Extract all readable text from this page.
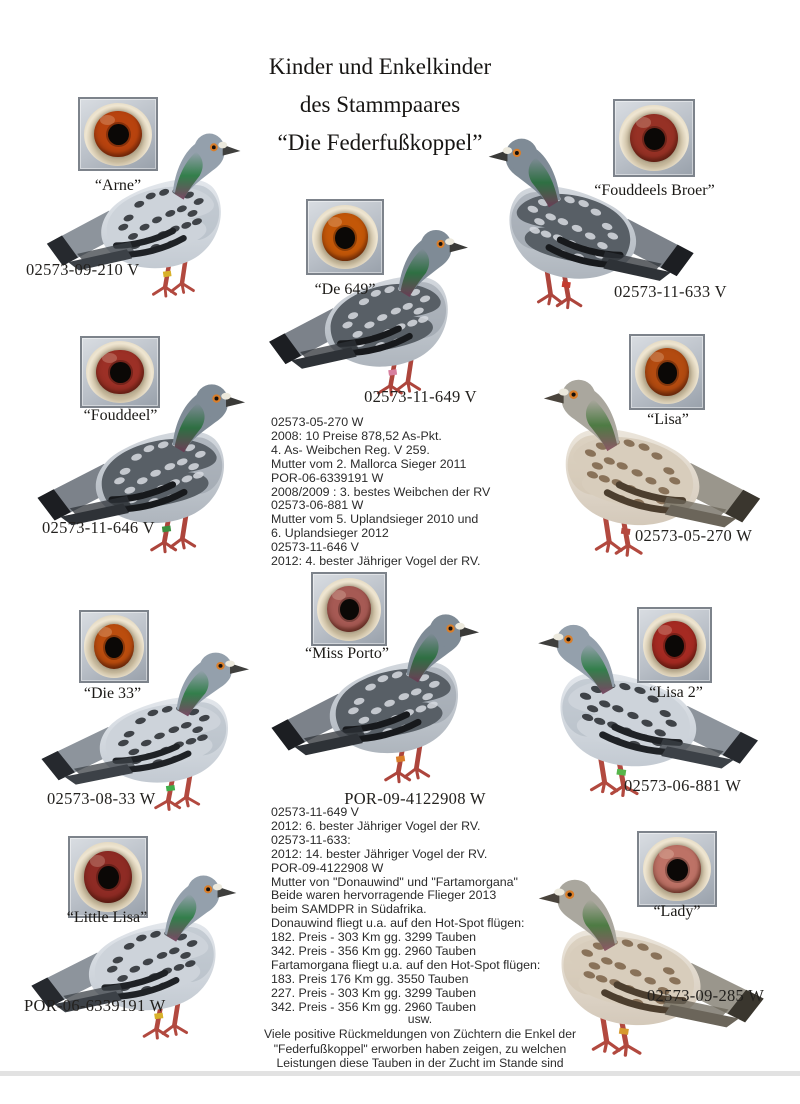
Kinder und Enkelkinder
des Stammpaares
“Die Federfußkoppel”
“Arne”
02573-09-210 V
“Fouddeels Broer”
02573-11-633 V
“De 649”
02573-11-649 V
“Fouddeel”
02573-11-646 V
“Lisa”
02573-05-270 W
02573-05-270 W
2008: 10 Preise 878,52 As-Pkt.
4. As- Weibchen Reg. V 259.
Mutter vom 2. Mallorca Sieger 2011
POR-06-6339191 W
2008/2009 : 3. bestes Weibchen der RV
02573-06-881 W
Mutter vom 5. Uplandsieger 2010 und
6. Uplandsieger 2012
02573-11-646 V
2012: 4. bester Jähriger Vogel der RV.
“Die 33”
02573-08-33 W
“Miss Porto”
POR-09-4122908 W
“Lisa 2”
02573-06-881 W
02573-11-649 V
2012: 6. bester Jähriger Vogel der RV.
02573-11-633:
2012: 14. bester Jähriger Vogel der RV.
POR-09-4122908 W
Mutter von "Donauwind" und "Fartamorgana"
Beide waren hervorragende Flieger 2013
beim SAMDPR in Südafrika.
Donauwind fliegt u.a. auf den Hot-Spot flügen:
182. Preis - 303 Km gg. 3299 Tauben
342. Preis - 356 Km gg. 2960 Tauben
Fartamorgana fliegt u.a. auf den Hot-Spot flügen:
183. Preis 176 Km gg. 3550 Tauben
227. Preis - 303 Km gg. 3299 Tauben
342. Preis - 356 Km gg. 2960 Tauben
“Little Lisa”
POR-06-6339191 W
“Lady”
02573-09-285 W
usw.
Viele positive Rückmeldungen von Züchtern die Enkel der
"Federfußkoppel" erworben haben zeigen, zu welchen
Leistungen diese Tauben in der Zucht im Stande sind
